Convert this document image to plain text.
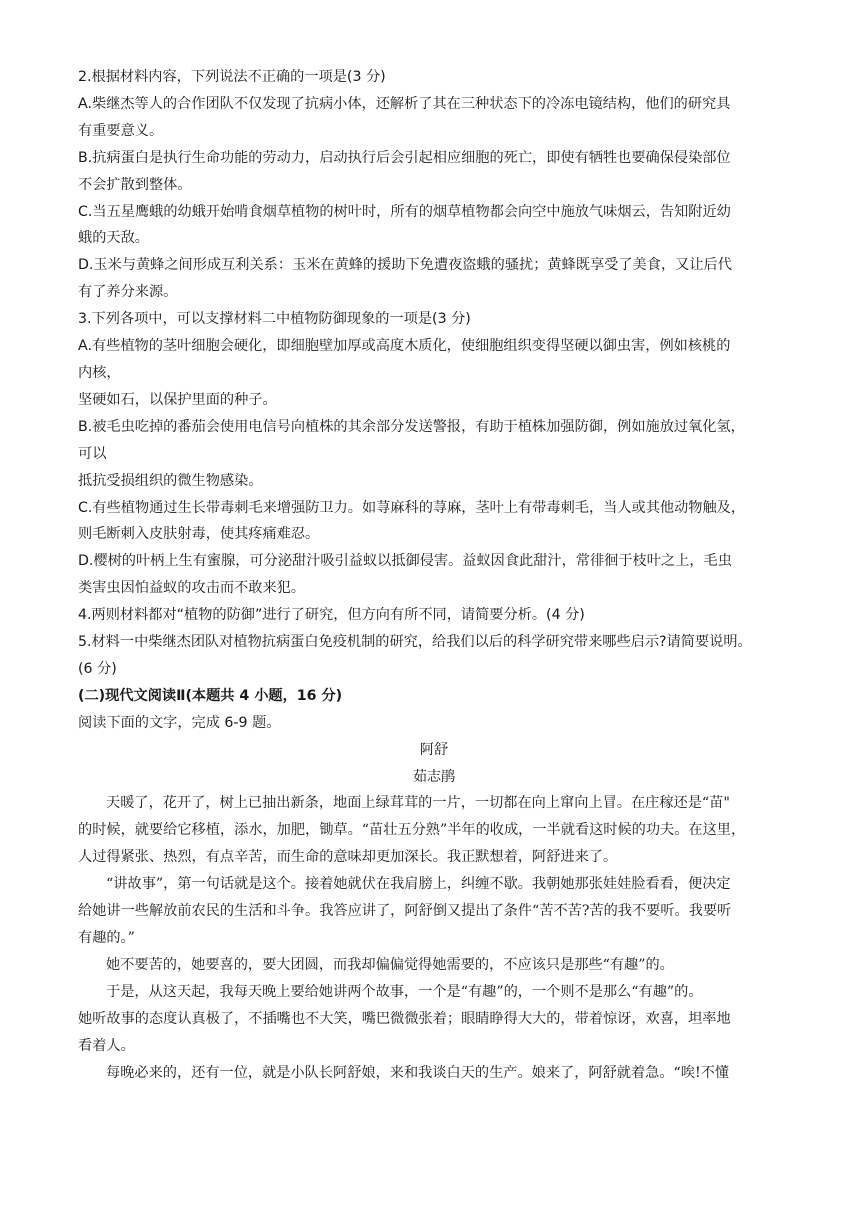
2.根据材料内容，下列说法不正确的一项是(3 分)
A.柴继杰等人的合作团队不仅发现了抗病小体，还解析了其在三种状态下的冷冻电镜结构，他们的研究具
有重要意义。
B.抗病蛋白是执行生命功能的劳动力，启动执行后会引起相应细胞的死亡，即使有牺牲也要确保侵染部位
不会扩散到整体。
C.当五星鹰蛾的幼蛾开始啃食烟草植物的树叶时，所有的烟草植物都会向空中施放气味烟云，告知附近幼
蛾的天敌。
D.玉米与黄蜂之间形成互利关系：玉米在黄蜂的援助下免遭夜盗蛾的骚扰；黄蜂既享受了美食，又让后代
有了养分来源。
3.下列各项中，可以支撑材料二中植物防御现象的一项是(3 分)
A.有些植物的茎叶细胞会硬化，即细胞壁加厚或高度木质化，使细胞组织变得坚硬以御虫害，例如核桃的
内核，
坚硬如石，以保护里面的种子。
B.被毛虫吃掉的番茄会使用电信号向植株的其余部分发送警报，有助于植株加强防御，例如施放过氧化氢，
可以
抵抗受损组织的微生物感染。
C.有些植物通过生长带毒刺毛来增强防卫力。如荨麻科的荨麻，茎叶上有带毒刺毛，当人或其他动物触及，
则毛断刺入皮肤射毒，使其疼痛难忍。
D.樱树的叶柄上生有蜜腺，可分泌甜汁吸引益蚁以抵御侵害。益蚁因食此甜汁，常徘徊于枝叶之上，毛虫
类害虫因怕益蚁的攻击而不敢来犯。
4.两则材料都对“植物的防御”进行了研究，但方向有所不同，请简要分析。(4 分)
5.材料一中柴继杰团队对植物抗病蛋白免疫机制的研究，给我们以后的科学研究带来哪些启示?请简要说明。
(6 分)
(二)现代文阅读Ⅱ(本题共 4 小题，16 分)
阅读下面的文字，完成 6-9 题。
阿舒
茹志鹃
天暖了，花开了，树上已抽出新条，地面上绿茸茸的一片，一切都在向上窜向上冒。在庄稼还是“苗"
的时候，就要给它移植，添水，加肥，锄草。“苗壮五分熟”半年的收成，一半就看这时候的功夫。在这里，
人过得紧张、热烈，有点辛苦，而生命的意味却更加深长。我正默想着，阿舒进来了。
“讲故事”，第一句话就是这个。接着她就伏在我肩膀上，纠缠不歇。我朝她那张娃娃脸看看，便决定
给她讲一些解放前农民的生活和斗争。我答应讲了，阿舒倒又提出了条件“苦不苦?苦的我不要听。我要听
有趣的。”
她不要苦的，她要喜的，要大团圆，而我却偏偏觉得她需要的，不应该只是那些“有趣”的。
于是，从这天起，我每天晚上要给她讲两个故事，一个是“有趣”的，一个则不是那么“有趣”的。
她听故事的态度认真极了，不插嘴也不大笑，嘴巴微微张着；眼睛睁得大大的，带着惊讶，欢喜，坦率地
看着人。
每晚必来的，还有一位，就是小队长阿舒娘，来和我谈白天的生产。娘来了，阿舒就着急。“唉!不懂
